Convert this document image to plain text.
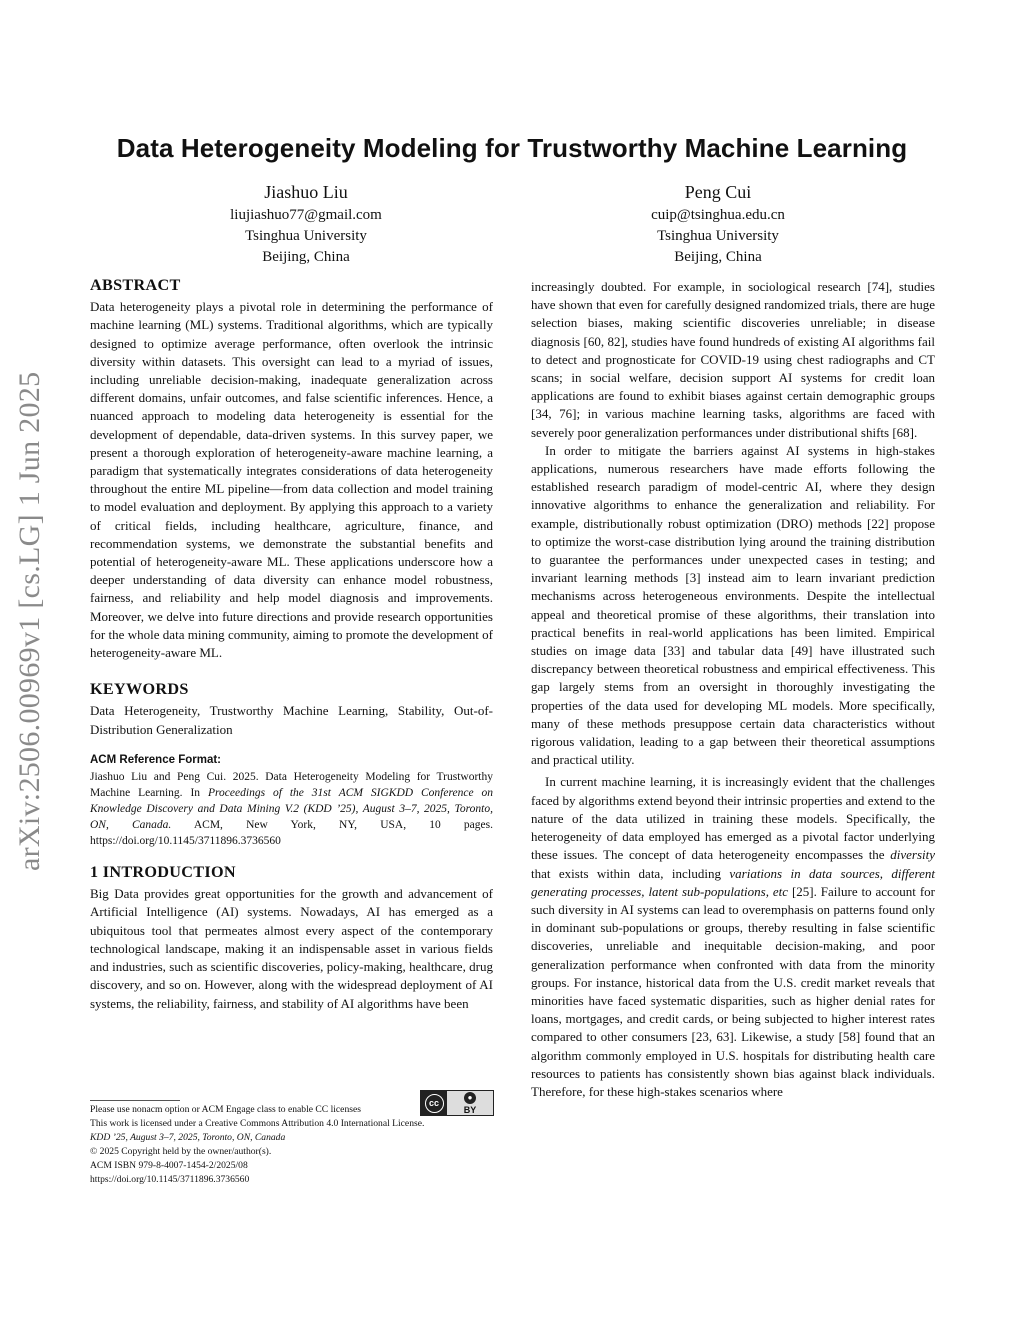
arXiv:2506.00969v1 [cs.LG] 1 Jun 2025
Data Heterogeneity Modeling for Trustworthy Machine Learning
Jiashuo Liu
liujiashuo77@gmail.com
Tsinghua University
Beijing, China
Peng Cui
cuip@tsinghua.edu.cn
Tsinghua University
Beijing, China
ABSTRACT

Data heterogeneity plays a pivotal role in determining the performance of machine learning (ML) systems. Traditional algorithms, which are typically designed to optimize average performance, often overlook the intrinsic diversity within datasets. This oversight can lead to a myriad of issues, including unreliable decision-making, inadequate generalization across different domains, unfair outcomes, and false scientific inferences. Hence, a nuanced approach to modeling data heterogeneity is essential for the development of dependable, data-driven systems. In this survey paper, we present a thorough exploration of heterogeneity-aware machine learning, a paradigm that systematically integrates considerations of data heterogeneity throughout the entire ML pipeline—from data collection and model training to model evaluation and deployment. By applying this approach to a variety of critical fields, including healthcare, agriculture, finance, and recommendation systems, we demonstrate the substantial benefits and potential of heterogeneity-aware ML. These applications underscore how a deeper understanding of data diversity can enhance model robustness, fairness, and reliability and help model diagnosis and improvements. Moreover, we delve into future directions and provide research opportunities for the whole data mining community, aiming to promote the development of heterogeneity-aware ML.

KEYWORDS

Data Heterogeneity, Trustworthy Machine Learning, Stability, Out-of-Distribution Generalization

ACM Reference Format:

Jiashuo Liu and Peng Cui. 2025. Data Heterogeneity Modeling for Trustworthy Machine Learning. In Proceedings of the 31st ACM SIGKDD Conference on Knowledge Discovery and Data Mining V.2 (KDD ’25), August 3–7, 2025, Toronto, ON, Canada. ACM, New York, NY, USA, 10 pages. https://doi.org/10.1145/3711896.3736560

1 INTRODUCTION

Big Data provides great opportunities for the growth and advancement of Artificial Intelligence (AI) systems. Nowadays, AI has emerged as a ubiquitous tool that permeates almost every aspect of the contemporary technological landscape, making it an indispensable asset in various fields and industries, such as scientific discoveries, policy-making, healthcare, drug discovery, and so on. However, along with the widespread deployment of AI systems, the reliability, fairness, and stability of AI algorithms have been

Please use nonacm option or ACM Engage class to enable CC licenses
This work is licensed under a Creative Commons Attribution 4.0 International License.
KDD ’25, August 3–7, 2025, Toronto, ON, Canada
© 2025 Copyright held by the owner/author(s).
ACM ISBN 979-8-4007-1454-2/2025/08
https://doi.org/10.1145/3711896.3736560
cc
●
BY

increasingly doubted. For example, in sociological research [74], studies have shown that even for carefully designed randomized trials, there are huge selection biases, making scientific discoveries unreliable; in disease diagnosis [60, 82], studies have found hundreds of existing AI algorithms fail to detect and prognosticate for COVID-19 using chest radiographs and CT scans; in social welfare, decision support AI systems for credit loan applications are found to exhibit biases against certain demographic groups [34, 76]; in various machine learning tasks, algorithms are faced with severely poor generalization performances under distributional shifts [68].

In order to mitigate the barriers against AI systems in high-stakes applications, numerous researchers have made efforts following the established research paradigm of model-centric AI, where they design innovative algorithms to enhance the generalization and reliability. For example, distributionally robust optimization (DRO) methods [22] propose to optimize the worst-case distribution lying around the training distribution to guarantee the performances under unexpected cases in testing; and invariant learning methods [3] instead aim to learn invariant prediction mechanisms across heterogeneous environments. Despite the intellectual appeal and theoretical promise of these algorithms, their translation into practical benefits in real-world applications has been limited. Empirical studies on image data [33] and tabular data [49] have illustrated such discrepancy between theoretical robustness and empirical effectiveness. This gap largely stems from an oversight in thoroughly investigating the properties of the data used for developing ML models. More specifically, many of these methods presuppose certain data characteristics without rigorous validation, leading to a gap between their theoretical assumptions and practical utility.

In current machine learning, it is increasingly evident that the challenges faced by algorithms extend beyond their intrinsic properties and extend to the nature of the data utilized in training these models. Specifically, the heterogeneity of data employed has emerged as a pivotal factor underlying these issues. The concept of data heterogeneity encompasses the diversity that exists within data, including variations in data sources, different generating processes, latent sub-populations, etc [25]. Failure to account for such diversity in AI systems can lead to overemphasis on patterns found only in dominant sub-populations or groups, thereby resulting in false scientific discoveries, unreliable and inequitable decision-making, and poor generalization performance when confronted with data from the minority groups. For instance, historical data from the U.S. credit market reveals that minorities have faced systematic disparities, such as higher denial rates for loans, mortgages, and credit cards, or being subjected to higher interest rates compared to other consumers [23, 63]. Likewise, a study [58] found that an algorithm commonly employed in U.S. hospitals for distributing health care resources to patients has consistently shown bias against black individuals. Therefore, for these high-stakes scenarios where
